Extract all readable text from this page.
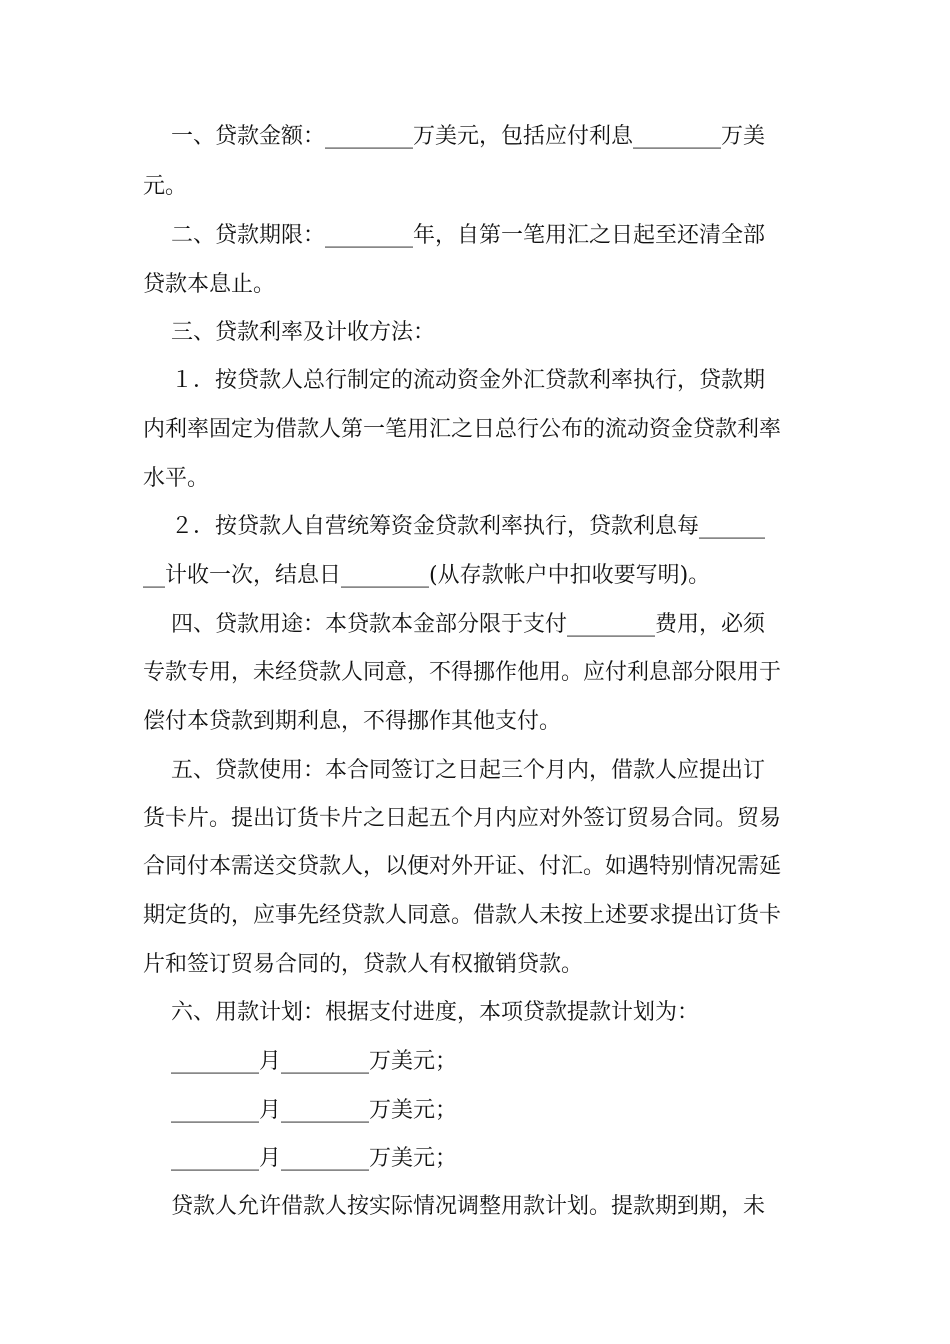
一、贷款金额：________万美元，包括应付利息________万美

元。

二、贷款期限：________年，自第一笔用汇之日起至还清全部

贷款本息止。

三、贷款利率及计收方法：

１．按贷款人总行制定的流动资金外汇贷款利率执行，贷款期

内利率固定为借款人第一笔用汇之日总行公布的流动资金贷款利率

水平。

２．按贷款人自营统筹资金贷款利率执行，贷款利息每______

__计收一次，结息日________(从存款帐户中扣收要写明)。

四、贷款用途：本贷款本金部分限于支付________费用，必须

专款专用，未经贷款人同意，不得挪作他用。应付利息部分限用于

偿付本贷款到期利息，不得挪作其他支付。

五、贷款使用：本合同签订之日起三个月内，借款人应提出订

货卡片。提出订货卡片之日起五个月内应对外签订贸易合同。贸易

合同付本需送交贷款人，以便对外开证、付汇。如遇特别情况需延

期定货的，应事先经贷款人同意。借款人未按上述要求提出订货卡

片和签订贸易合同的，贷款人有权撤销贷款。

六、用款计划：根据支付进度，本项贷款提款计划为：

________月________万美元；

________月________万美元；

________月________万美元；

贷款人允许借款人按实际情况调整用款计划。提款期到期，未
